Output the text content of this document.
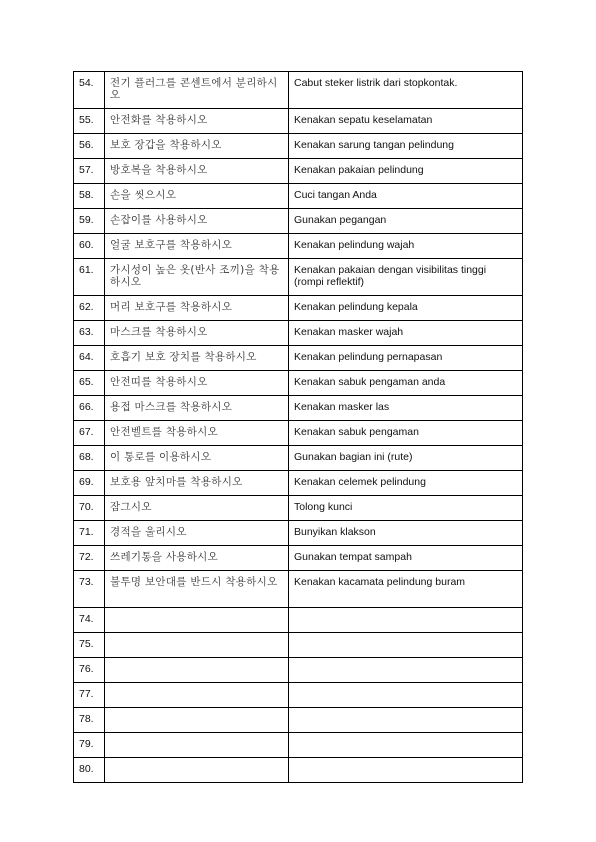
54.	전기 플러그를 콘센트에서 분리하시오	Cabut steker listrik dari stopkontak.
55.	안전화를 착용하시오	Kenakan sepatu keselamatan
56.	보호 장갑을 착용하시오	Kenakan sarung tangan pelindung
57.	방호복을 착용하시오	Kenakan pakaian pelindung
58.	손을 씻으시오	Cuci tangan Anda
59.	손잡이를 사용하시오	Gunakan pegangan
60.	얼굴 보호구를 착용하시오	Kenakan pelindung wajah
61.	가시성이 높은 옷(반사 조끼)을 착용하시오	Kenakan pakaian dengan visibilitas tinggi (rompi reflektif)
62.	머리 보호구를 착용하시오	Kenakan pelindung kepala
63.	마스크를 착용하시오	Kenakan masker wajah
64.	호흡기 보호 장치를 착용하시오	Kenakan pelindung pernapasan
65.	안전띠를 착용하시오	Kenakan sabuk pengaman anda
66.	용접 마스크를 착용하시오	Kenakan masker las
67.	안전벨트를 착용하시오	Kenakan sabuk pengaman
68.	이 통로를 이용하시오	Gunakan bagian ini (rute)
69.	보호용 앞치마를 착용하시오	Kenakan celemek pelindung
70.	잠그시오	Tolong kunci
71.	경적을 울리시오	Bunyikan klakson
72.	쓰레기통을 사용하시오	Gunakan tempat sampah
73.	불투명 보안대를 반드시 착용하시오	Kenakan kacamata pelindung buram
74.		
75.		
76.		
77.		
78.		
79.		
80.		
